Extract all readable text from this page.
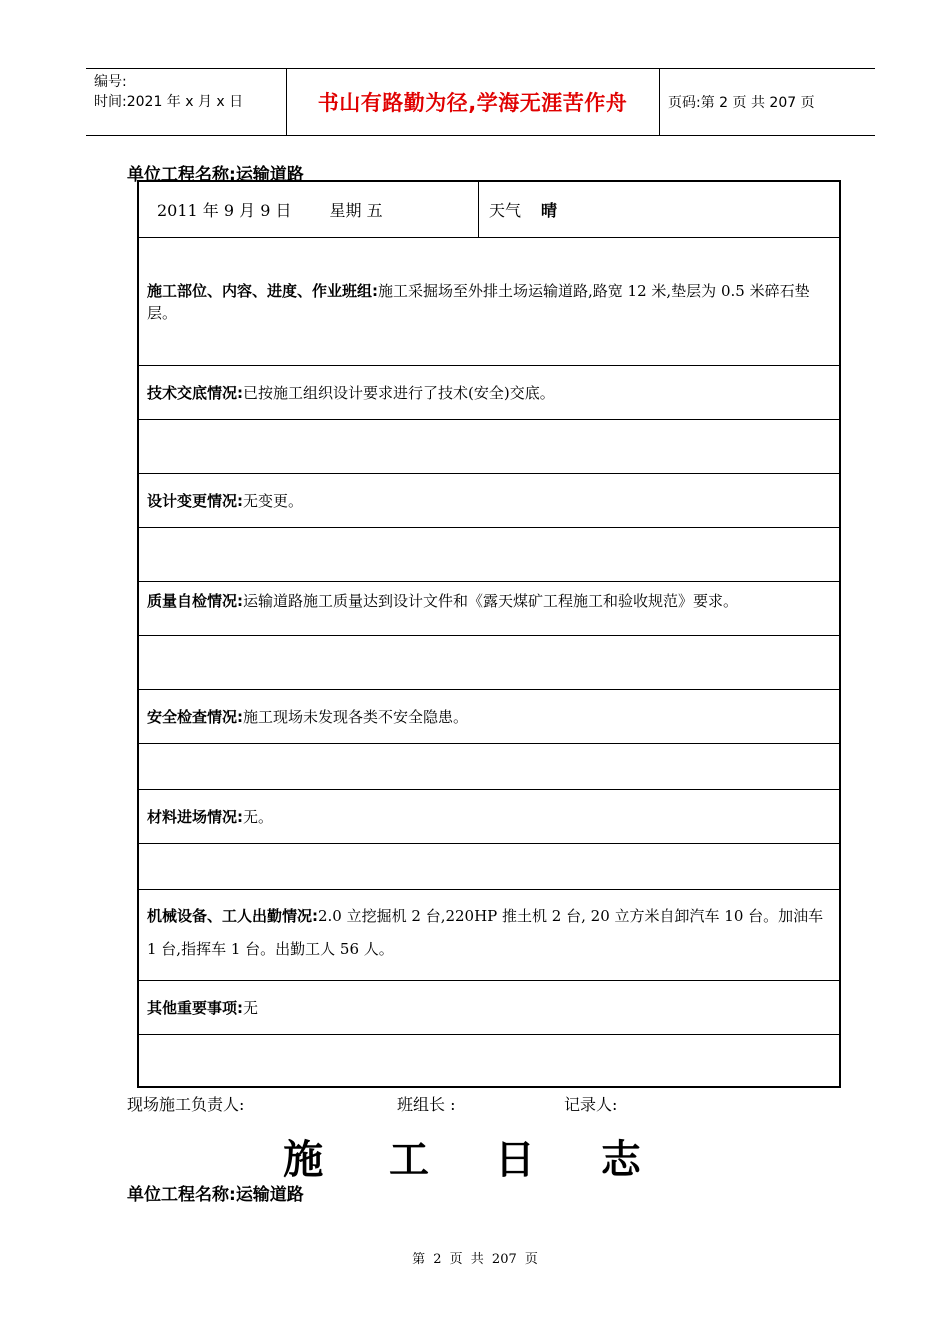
编号:
时间:2021 年 x 月 x 日	书山有路勤为径,学海无涯苦作舟	页码:第 2 页 共 207 页
单位工程名称:运输道路
2011 年 9 月 9 日 星期 五	天气 晴
施工部位、内容、进度、作业班组:施工采掘场至外排土场运输道路,路宽 12 米,垫层为 0.5 米碎石垫层。
技术交底情况:已按施工组织设计要求进行了技术(安全)交底。
设计变更情况:无变更。
质量自检情况:运输道路施工质量达到设计文件和《露天煤矿工程施工和验收规范》要求。
安全检查情况:施工现场未发现各类不安全隐患。
材料进场情况:无。
机械设备、工人出勤情况:2.0 立挖掘机 2 台,220HP 推土机 2 台, 20 立方米自卸汽车 10 台。加油车 1 台,指挥车 1 台。出勤工人 56 人。
其他重要事项:无
现场施工负责人:	班组长 :	记录人:
施 工 日 志
单位工程名称:运输道路
第 2 页 共 207 页
